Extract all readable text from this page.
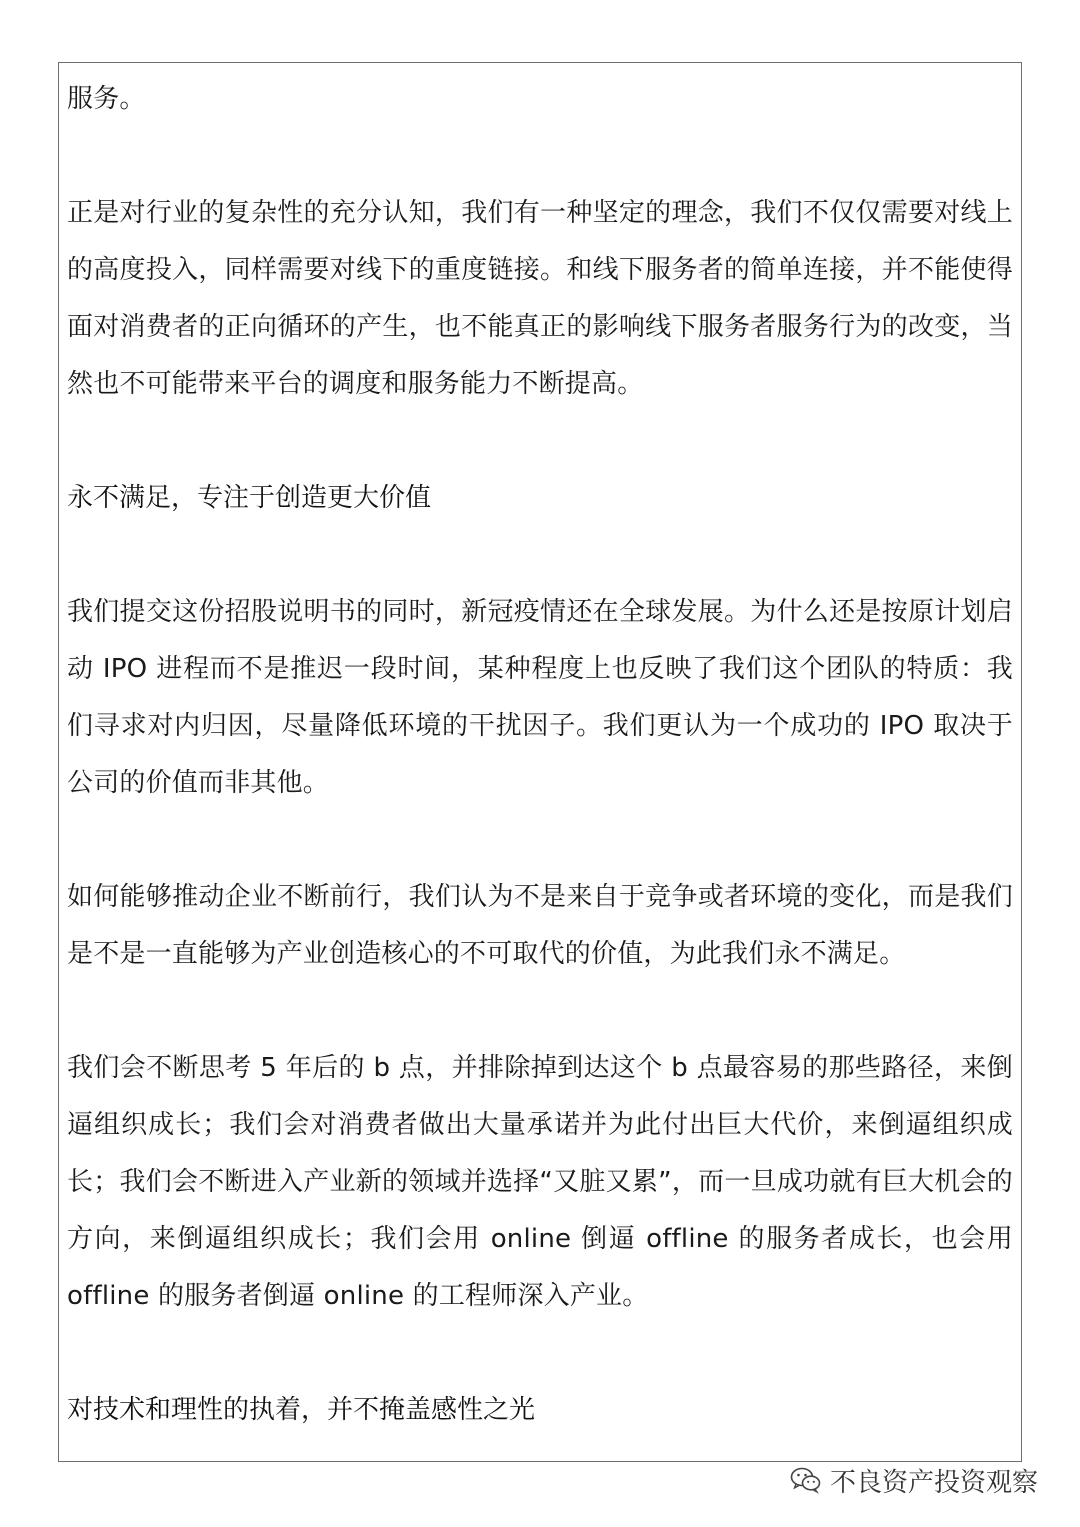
服务。

正是对行业的复杂性的充分认知，我们有一种坚定的理念，我们不仅仅需要对线上的高度投入，同样需要对线下的重度链接。和线下服务者的简单连接，并不能使得面对消费者的正向循环的产生，也不能真正的影响线下服务者服务行为的改变，当然也不可能带来平台的调度和服务能力不断提高。

永不满足，专注于创造更大价值

我们提交这份招股说明书的同时，新冠疫情还在全球发展。为什么还是按原计划启动 IPO 进程而不是推迟一段时间，某种程度上也反映了我们这个团队的特质：我们寻求对内归因，尽量降低环境的干扰因子。我们更认为一个成功的 IPO 取决于公司的价值而非其他。

如何能够推动企业不断前行，我们认为不是来自于竞争或者环境的变化，而是我们是不是一直能够为产业创造核心的不可取代的价值，为此我们永不满足。

我们会不断思考 5 年后的 b 点，并排除掉到达这个 b 点最容易的那些路径，来倒逼组织成长；我们会对消费者做出大量承诺并为此付出巨大代价，来倒逼组织成长；我们会不断进入产业新的领域并选择“又脏又累”，而一旦成功就有巨大机会的方向，来倒逼组织成长；我们会用 online 倒逼 offline 的服务者成长，也会用 offline 的服务者倒逼 online 的工程师深入产业。

对技术和理性的执着，并不掩盖感性之光

不良资产投资观察
